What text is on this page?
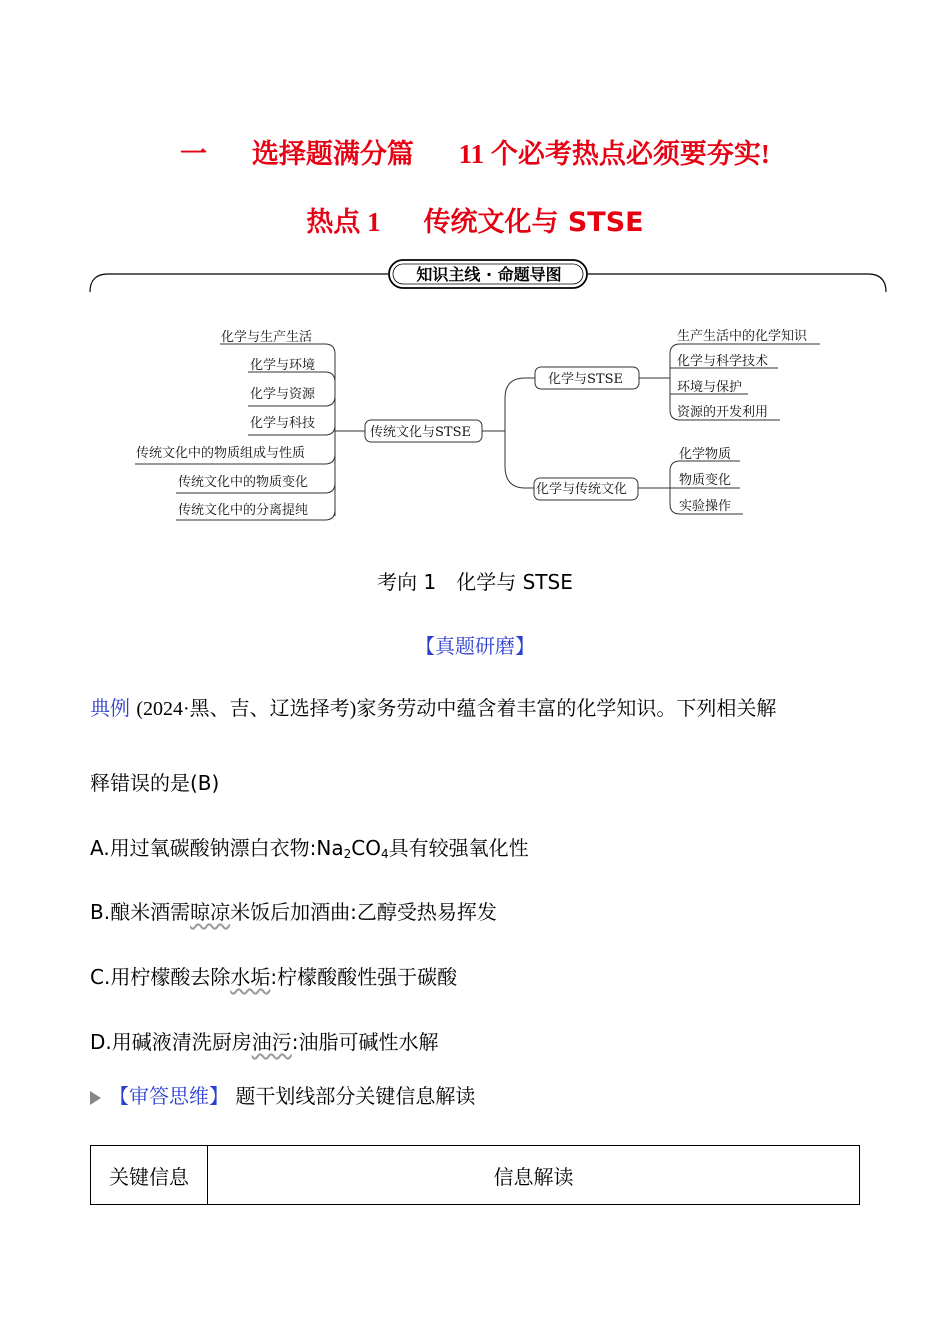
一 选择题满分篇 11 个必考热点必须要夯实!
热点 1 传统文化与 STSE
知识主线 · 命题导图
化学与生产生活
化学与环境
化学与资源
化学与科技
传统文化中的物质组成与性质
传统文化中的物质变化
传统文化中的分离提纯
传统文化与STSE
化学与STSE
化学与传统文化
生产生活中的化学知识
化学与科学技术
环境与保护
资源的开发利用
化学物质
物质变化
实验操作
考向 1　化学与 STSE
【真题研磨】
典例 (2024·黑、吉、辽选择考)家务劳动中蕴含着丰富的化学知识。下列相关解
释错误的是(B)
A.用过氧碳酸钠漂白衣物$:Na_2CO_4$具有较强氧化性
B.酿米酒需晾凉米饭后加酒曲:乙醇受热易挥发
C.用柠檬酸去除水垢:柠檬酸酸性强于碳酸
D.用碱液清洗厨房油污:油脂可碱性水解
【审答思维】 题干划线部分关键信息解读
关键信息	信息解读
